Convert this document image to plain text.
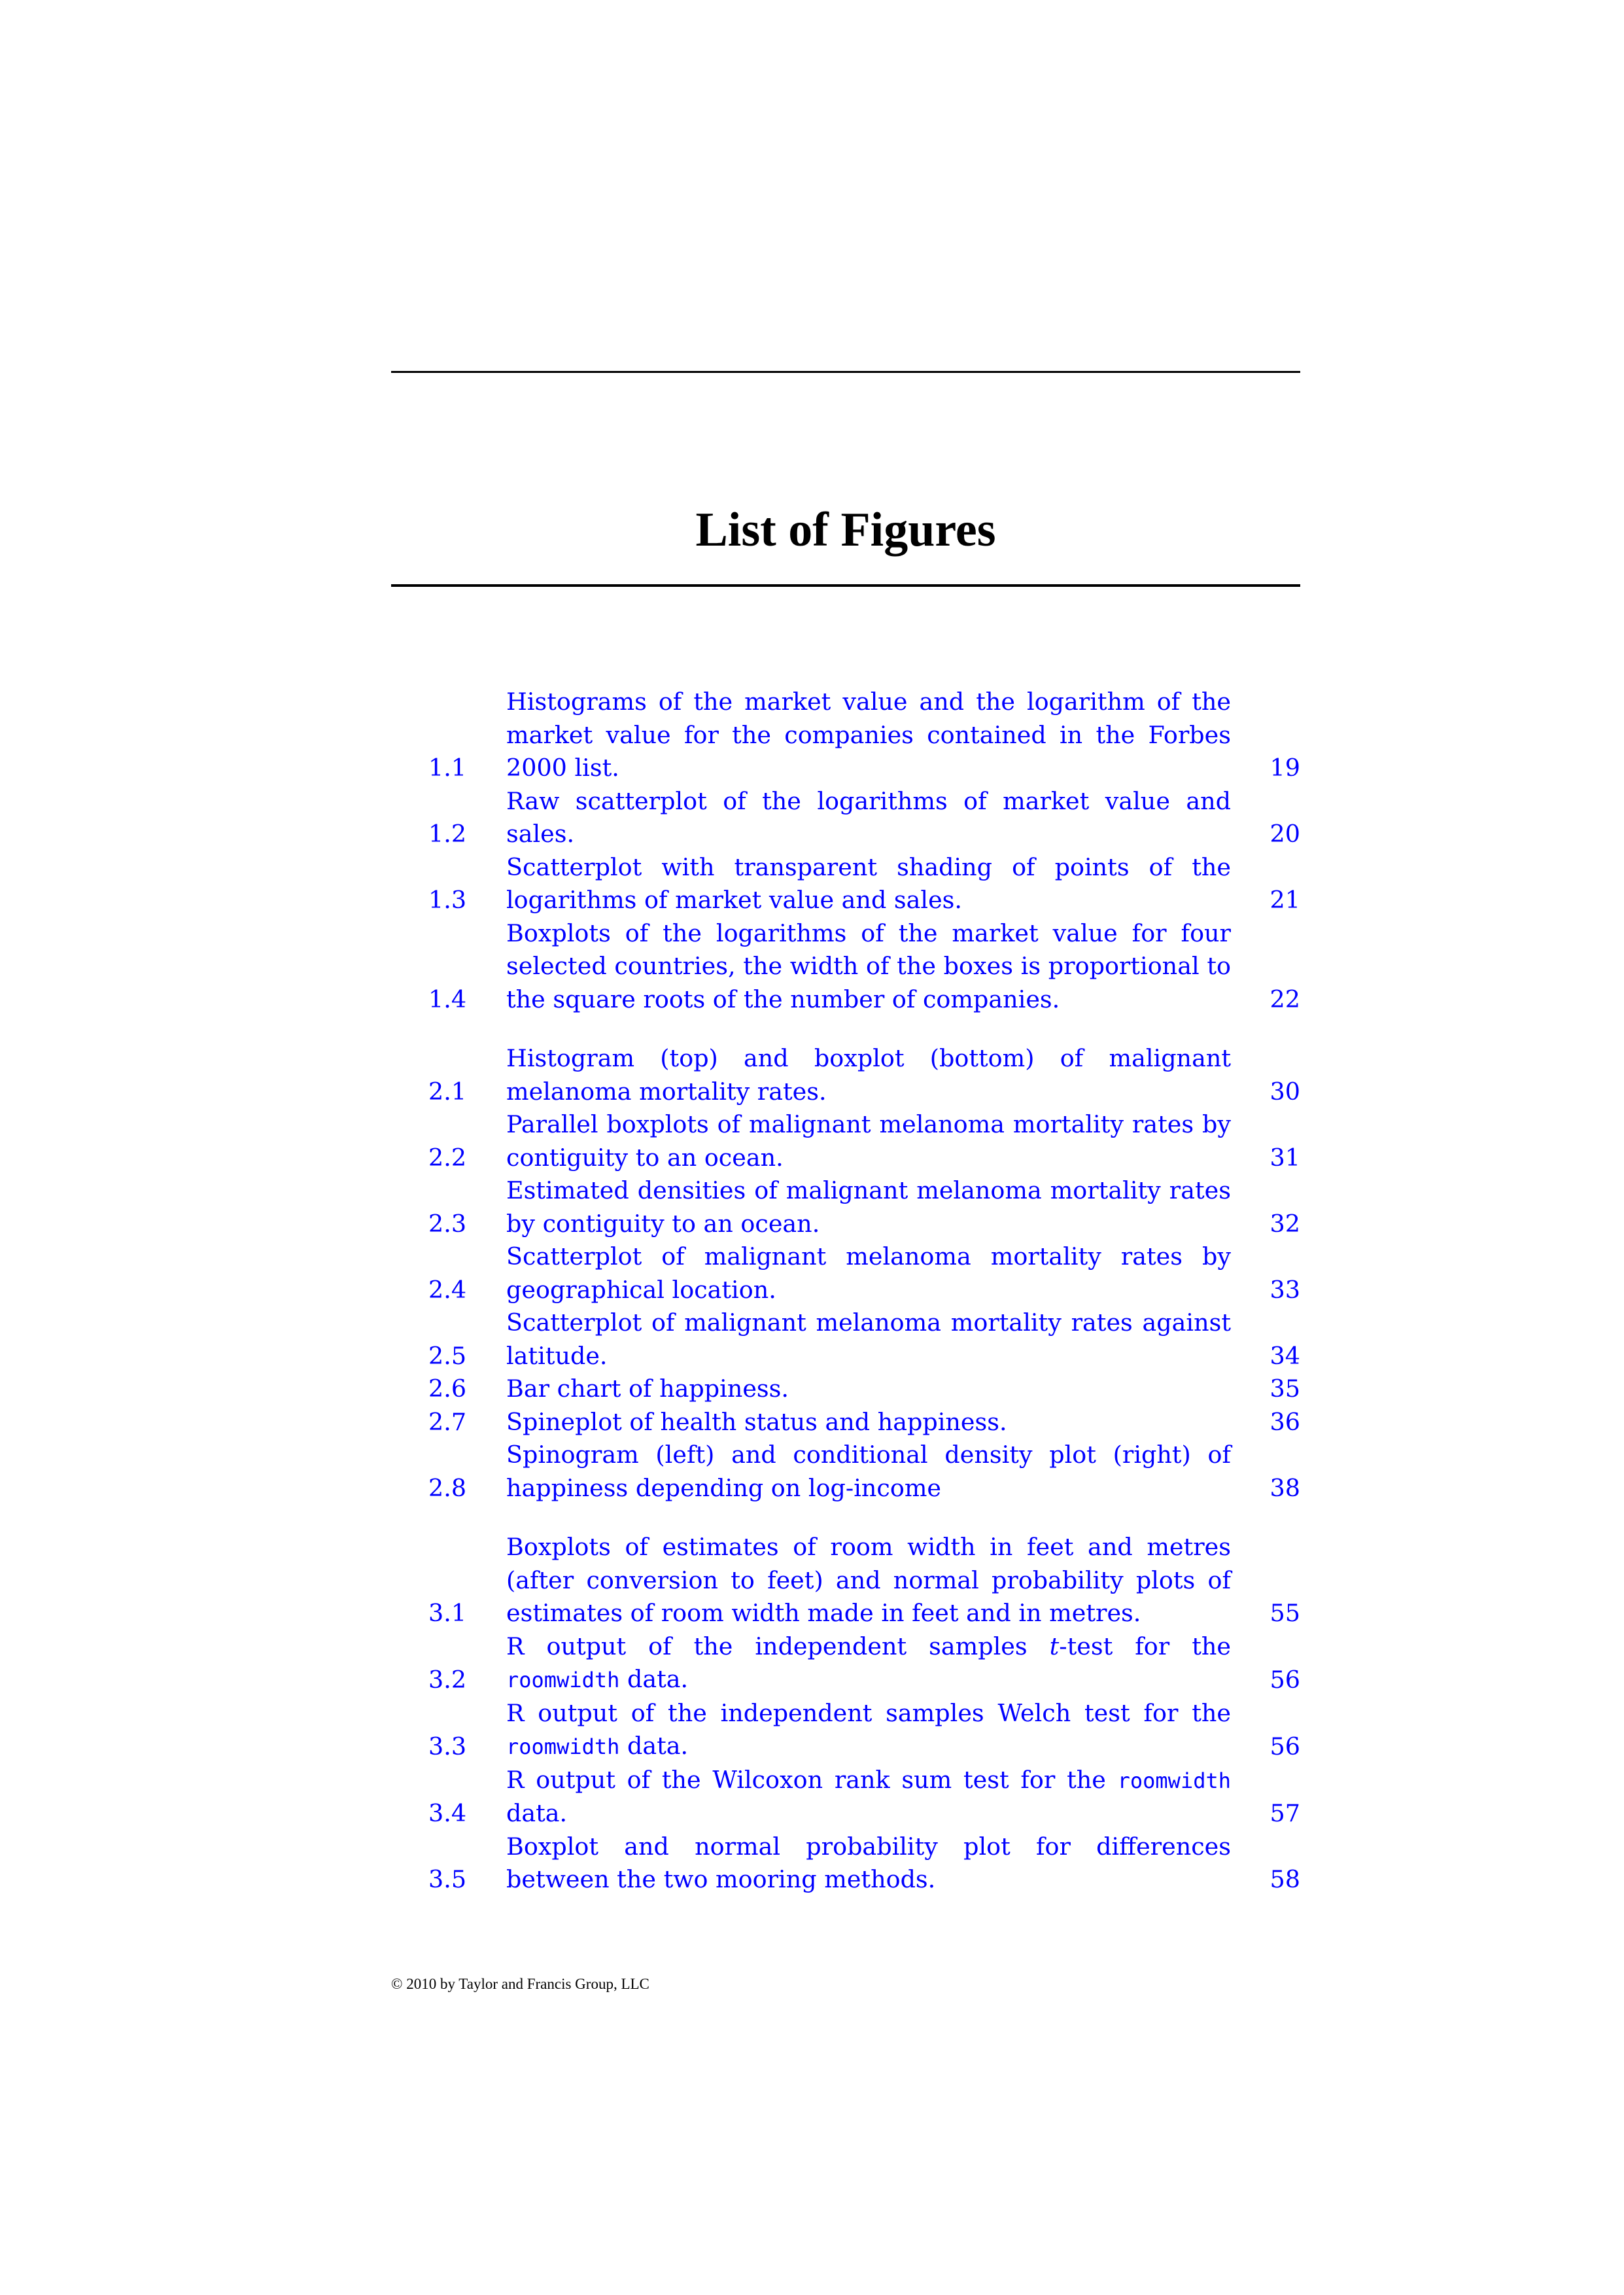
List of Figures
1.1
Histograms of the market value and the logarithm of the market value for the companies contained in the Forbes 2000 list.	19
1.2
Raw scatterplot of the logarithms of market value and sales.	20
1.3
Scatterplot with transparent shading of points of the logarithms of market value and sales.	21
1.4
Boxplots of the logarithms of the market value for four selected countries, the width of the boxes is proportional to the square roots of the number of companies.	22
2.1
Histogram (top) and boxplot (bottom) of malignant melanoma mortality rates.	30
2.2
Parallel boxplots of malignant melanoma mortality rates by contiguity to an ocean.	31
2.3
Estimated densities of malignant melanoma mortality rates by contiguity to an ocean.	32
2.4
Scatterplot of malignant melanoma mortality rates by geographical location.	33
2.5
Scatterplot of malignant melanoma mortality rates against latitude.	34
2.6 Bar chart of happiness.	35
2.7 Spineplot of health status and happiness.	36
2.8
Spinogram (left) and conditional density plot (right) of happiness depending on log-income	38
3.1
Boxplots of estimates of room width in feet and metres (after conversion to feet) and normal probability plots of estimates of room width made in feet and in metres.	55
3.2
R output of the independent samples t-test for the roomwidth data.	56
3.3
R output of the independent samples Welch test for the roomwidth data.	56
3.4
R output of the Wilcoxon rank sum test for the roomwidth data.	57
3.5
Boxplot and normal probability plot for differences between the two mooring methods.	58

© 2010 by Taylor and Francis Group, LLC
